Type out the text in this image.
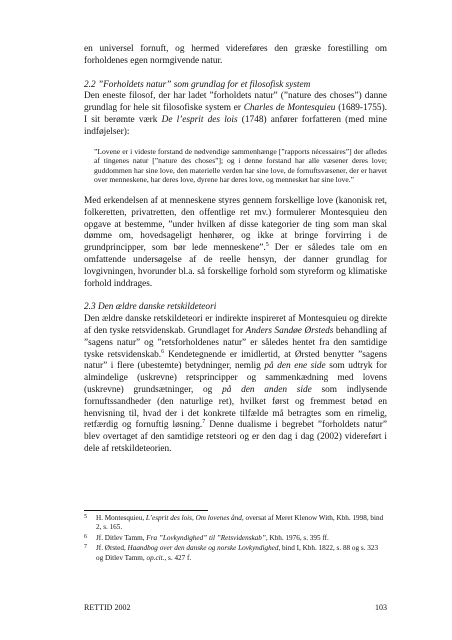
en universel fornuft, og hermed videreføres den græske forestilling om forholdenes egen normgivende natur.

2.2 ”Forholdets natur” som grundlag for et filosofisk system

Den eneste filosof, der har ladet ”forholdets natur” (”nature des choses”) danne grundlag for hele sit filosofiske system er Charles de Montesquieu (1689-1755). I sit berømte værk De l’esprit des lois (1748) anfører forfatteren (med mine indføjelser):

”Lovene er i videste forstand de nødvendige sammenhænge [”rapports nécessaires”] der afledes af tingenes natur [”nature des choses”]; og i denne forstand har alle væsener deres love; guddommen har sine love, den materielle verden har sine love, de fornuftsvæsener, der er hævet over menneskene, har deres love, dyrene har deres love, og mennesket har sine love.”

Med erkendelsen af at menneskene styres gennem forskellige love (kanonisk ret, folkeretten, privatretten, den offentlige ret mv.) formulerer Montesquieu den opgave at bestemme, ”under hvilken af disse kategorier de ting som man skal dømme om, hovedsageligt henhører, og ikke at bringe forvirring i de grundprincipper, som bør lede menneskene”.$^5$ Der er således tale om en omfattende undersøgelse af de reelle hensyn, der danner grundlag for lovgivningen, hvorunder bl.a. så forskellige forhold som styreform og klimatiske forhold inddrages.

2.3 Den ældre danske retskildeteori

Den ældre danske retskildeteori er indirekte inspireret af Montesquieu og direkte af den tyske retsvidenskab. Grundlaget for Anders Sandøe Ørsteds behandling af ”sagens natur” og ”retsforholdenes natur” er således hentet fra den samtidige tyske retsvidenskab.$^6$ Kendetegnende er imidlertid, at Ørsted benytter ”sagens natur” i flere (ubestemte) betydninger, nemlig på den ene side som udtryk for almindelige (uskrevne) retsprincipper og sammenkædning med lovens (uskrevne) grundsætninger, og på den anden side som indlysende fornuftssandheder (den naturlige ret), hvilket først og fremmest betød en henvisning til, hvad der i det konkrete tilfælde må betragtes som en rimelig, retfærdig og fornuftig løsning.$^7$ Denne dualisme i begrebet ”forholdets natur” blev overtaget af den samtidige retsteori og er den dag i dag (2002) videreført i dele af retskildeteorien.

5	H. Montesquieu, L’esprit des lois, Om lovenes ånd, oversat af Meret Klenow With, Kbh. 1998, bind 2, s. 165.
6	Jf. Ditlev Tamm, Fra ”Lovkyndighed” til ”Retsvidenskab”, Kbh. 1976, s. 395 ff.
7	Jf. Ørsted, Haandbog over den danske og norske Lovkyndighed, bind I, Kbh. 1822, s. 88 og s. 323 og Ditlev Tamm, op.cit., s. 427 f.
RETTID 2002	103
